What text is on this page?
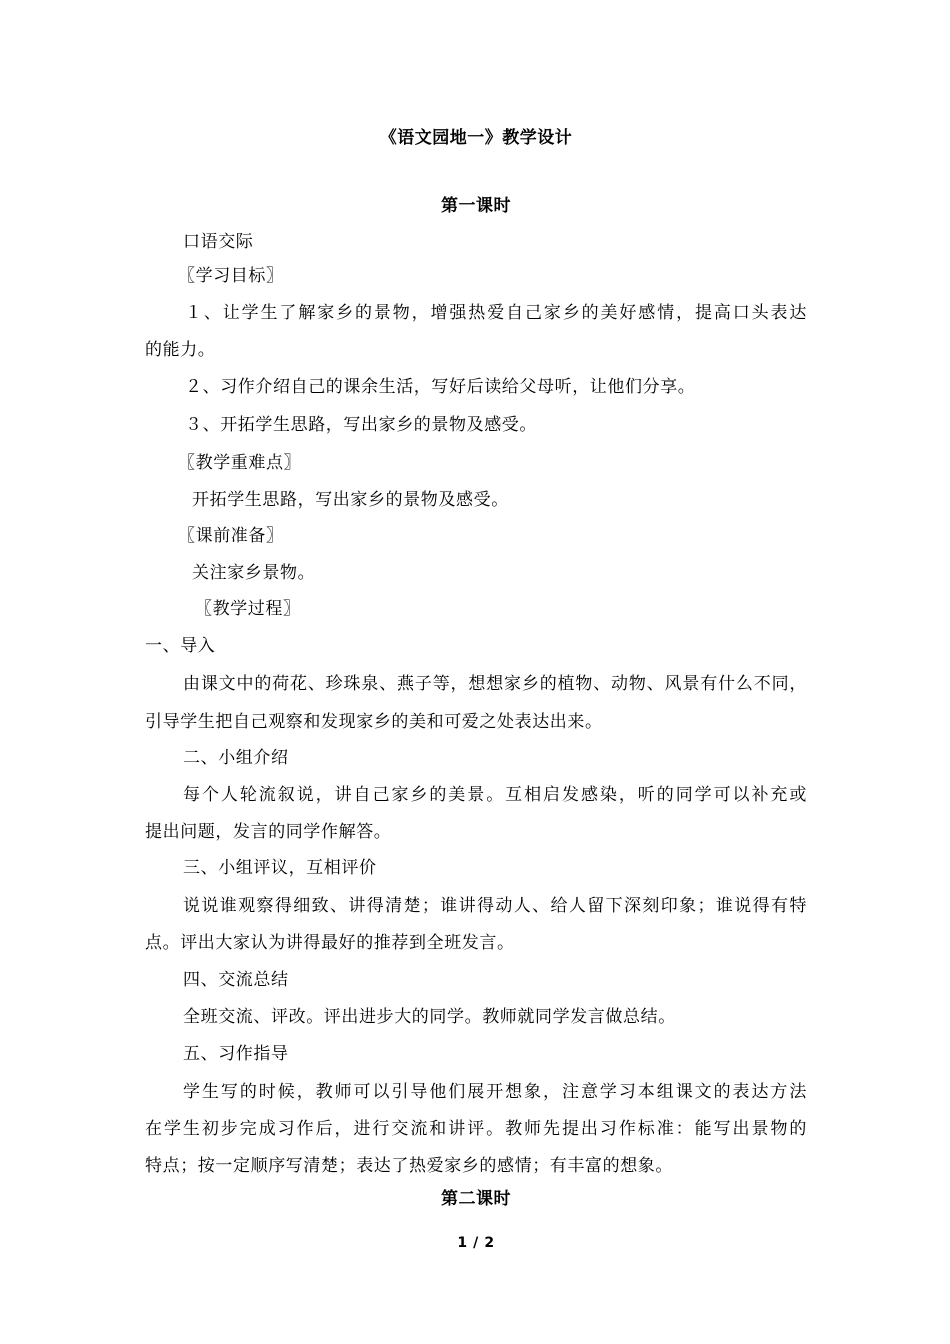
《语文园地一》教学设计
第一课时
口语交际
〖学习目标〗
１、让学生了解家乡的景物，增强热爱自己家乡的美好感情，提高口头表达
的能力。
２、习作介绍自己的课余生活，写好后读给父母听，让他们分享。
３、开拓学生思路，写出家乡的景物及感受。
〖教学重难点〗
开拓学生思路，写出家乡的景物及感受。
〖课前准备〗
关注家乡景物。
〖教学过程〗
一、导入
由课文中的荷花、珍珠泉、燕子等，想想家乡的植物、动物、风景有什么不同，
引导学生把自己观察和发现家乡的美和可爱之处表达出来。
二、小组介绍
每个人轮流叙说，讲自己家乡的美景。互相启发感染，听的同学可以补充或
提出问题，发言的同学作解答。
三、小组评议，互相评价
说说谁观察得细致、讲得清楚；谁讲得动人、给人留下深刻印象；谁说得有特
点。评出大家认为讲得最好的推荐到全班发言。
四、交流总结
全班交流、评改。评出进步大的同学。教师就同学发言做总结。
五、习作指导
学生写的时候，教师可以引导他们展开想象，注意学习本组课文的表达方法
在学生初步完成习作后，进行交流和讲评。教师先提出习作标准：能写出景物的
特点；按一定顺序写清楚；表达了热爱家乡的感情；有丰富的想象。
第二课时
1 / 2
